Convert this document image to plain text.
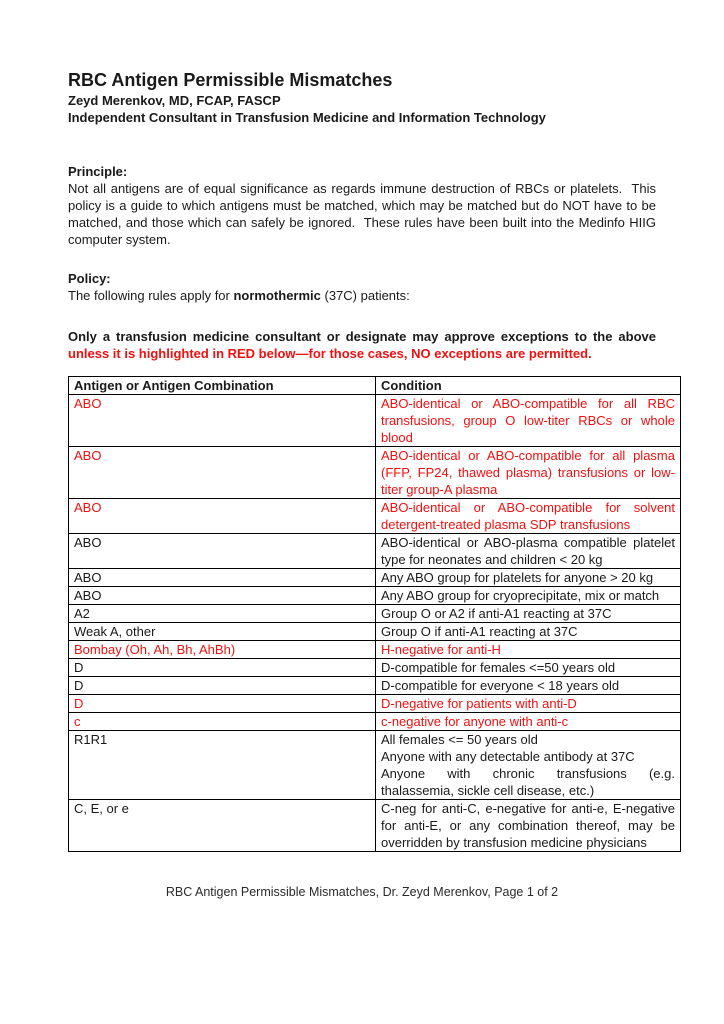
RBC Antigen Permissible Mismatches
Zeyd Merenkov, MD, FCAP, FASCP
Independent Consultant in Transfusion Medicine and Information Technology
Principle:

Not all antigens are of equal significance as regards immune destruction of RBCs or platelets.  This policy is a guide to which antigens must be matched, which may be matched but do NOT have to be matched, and those which can safely be ignored.  These rules have been built into the Medinfo HIIG computer system.

Policy:

The following rules apply for normothermic (37C) patients:

Only a transfusion medicine consultant or designate may approve exceptions to the above unless it is highlighted in RED below—for those cases, NO exceptions are permitted.

Antigen or Antigen Combination	Condition
ABO	ABO-identical or ABO-compatible for all RBC transfusions, group O low-titer RBCs or whole blood

ABO	ABO-identical or ABO-compatible for all plasma (FFP, FP24, thawed plasma) transfusions or low-titer group-A plasma

ABO	ABO-identical or ABO-compatible for solvent detergent-treated plasma SDP transfusions

ABO	ABO-identical or ABO-plasma compatible platelet type for neonates and children < 20 kg

ABO	Any ABO group for platelets for anyone > 20 kg

ABO	Any ABO group for cryoprecipitate, mix or match

A2	Group O or A2 if anti-A1 reacting at 37C

Weak A, other	Group O if anti-A1 reacting at 37C

Bombay (Oh, Ah, Bh, AhBh)	H-negative for anti-H

D	D-compatible for females <=50 years old

D	D-compatible for everyone < 18 years old

D	D-negative for patients with anti-D

c	c-negative for anyone with anti-c

R1R1	All females <= 50 years old
Anyone with any detectable antibody at 37C
Anyone with chronic transfusions (e.g. thalassemia, sickle cell disease, etc.)

C, E, or e	C-neg for anti-C, e-negative for anti-e, E-negative for anti-E, or any combination thereof, may be overridden by transfusion medicine physicians
RBC Antigen Permissible Mismatches, Dr. Zeyd Merenkov, Page 1 of 2
